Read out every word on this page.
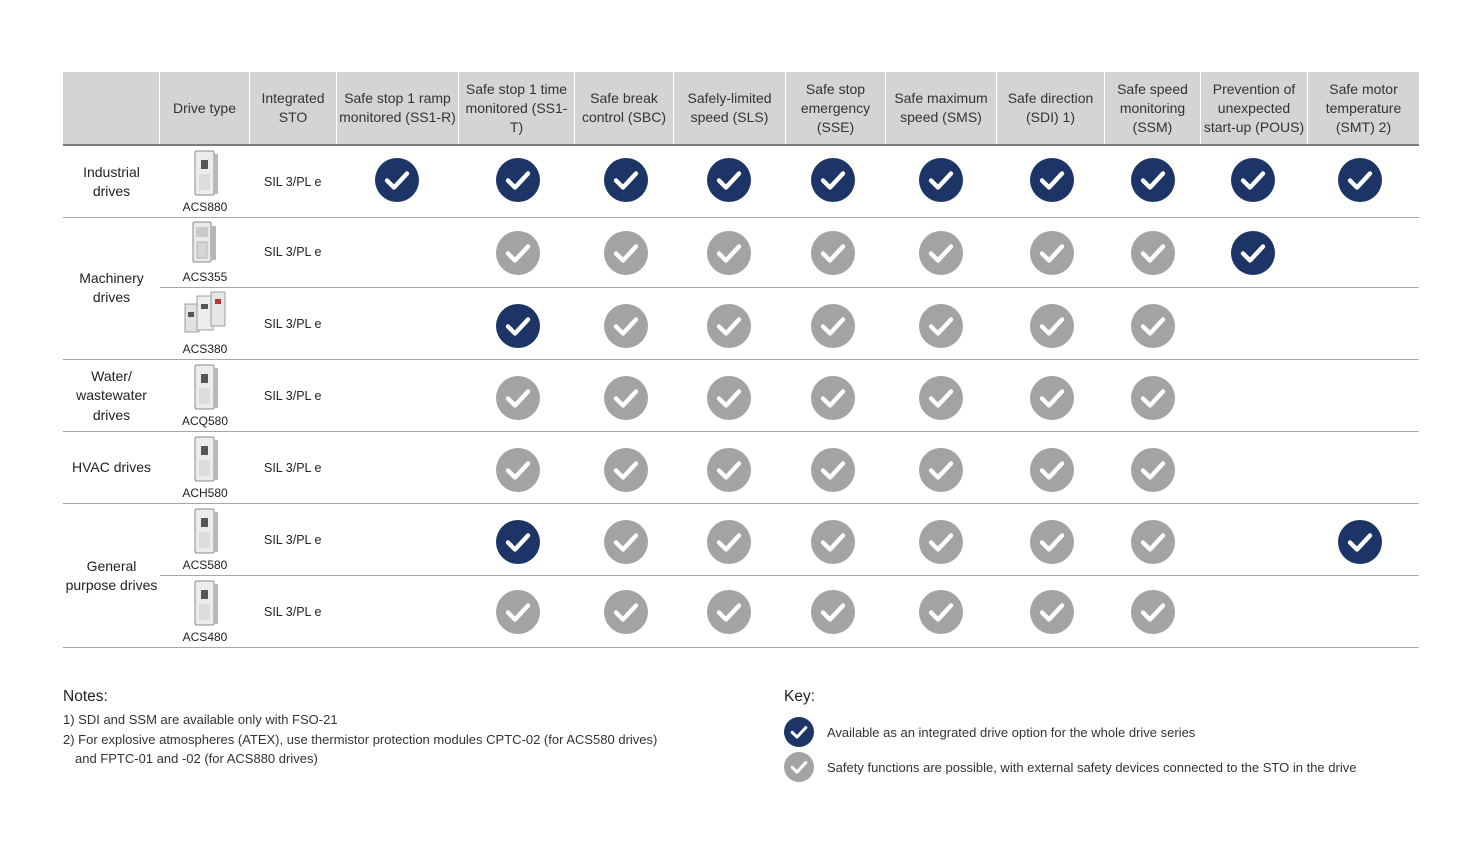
Drive type
Integrated STO
Safe stop 1 ramp monitored (SS1-R)
Safe stop 1 time monitored (SS1-T)
Safe break control (SBC)
Safely-limited speed (SLS)
Safe stop emergency (SSE)
Safe maximum speed (SMS)
Safe direction (SDI) 1)
Safe speed monitoring (SSM)
Prevention of unexpected start-up (POUS)
Safe motor temperature (SMT) 2)
Industrial drives
Machinery drives
Water/ wastewater drives
HVAC drives
General purpose drives
ACS880
SIL 3/PL e
ACS355
SIL 3/PL e
ACS380
SIL 3/PL e
ACQ580
SIL 3/PL e
ACH580
SIL 3/PL e
ACS580
SIL 3/PL e
ACS480
SIL 3/PL e
Notes:
1) SDI and SSM are available only with FSO-21
2) For explosive atmospheres (ATEX), use thermistor protection modules CPTC-02 (for ACS580 drives)
and FPTC-01 and -02 (for ACS880 drives)
Key:
Available as an integrated drive option for the whole drive series
Safety functions are possible, with external safety devices connected to the STO in the drive
